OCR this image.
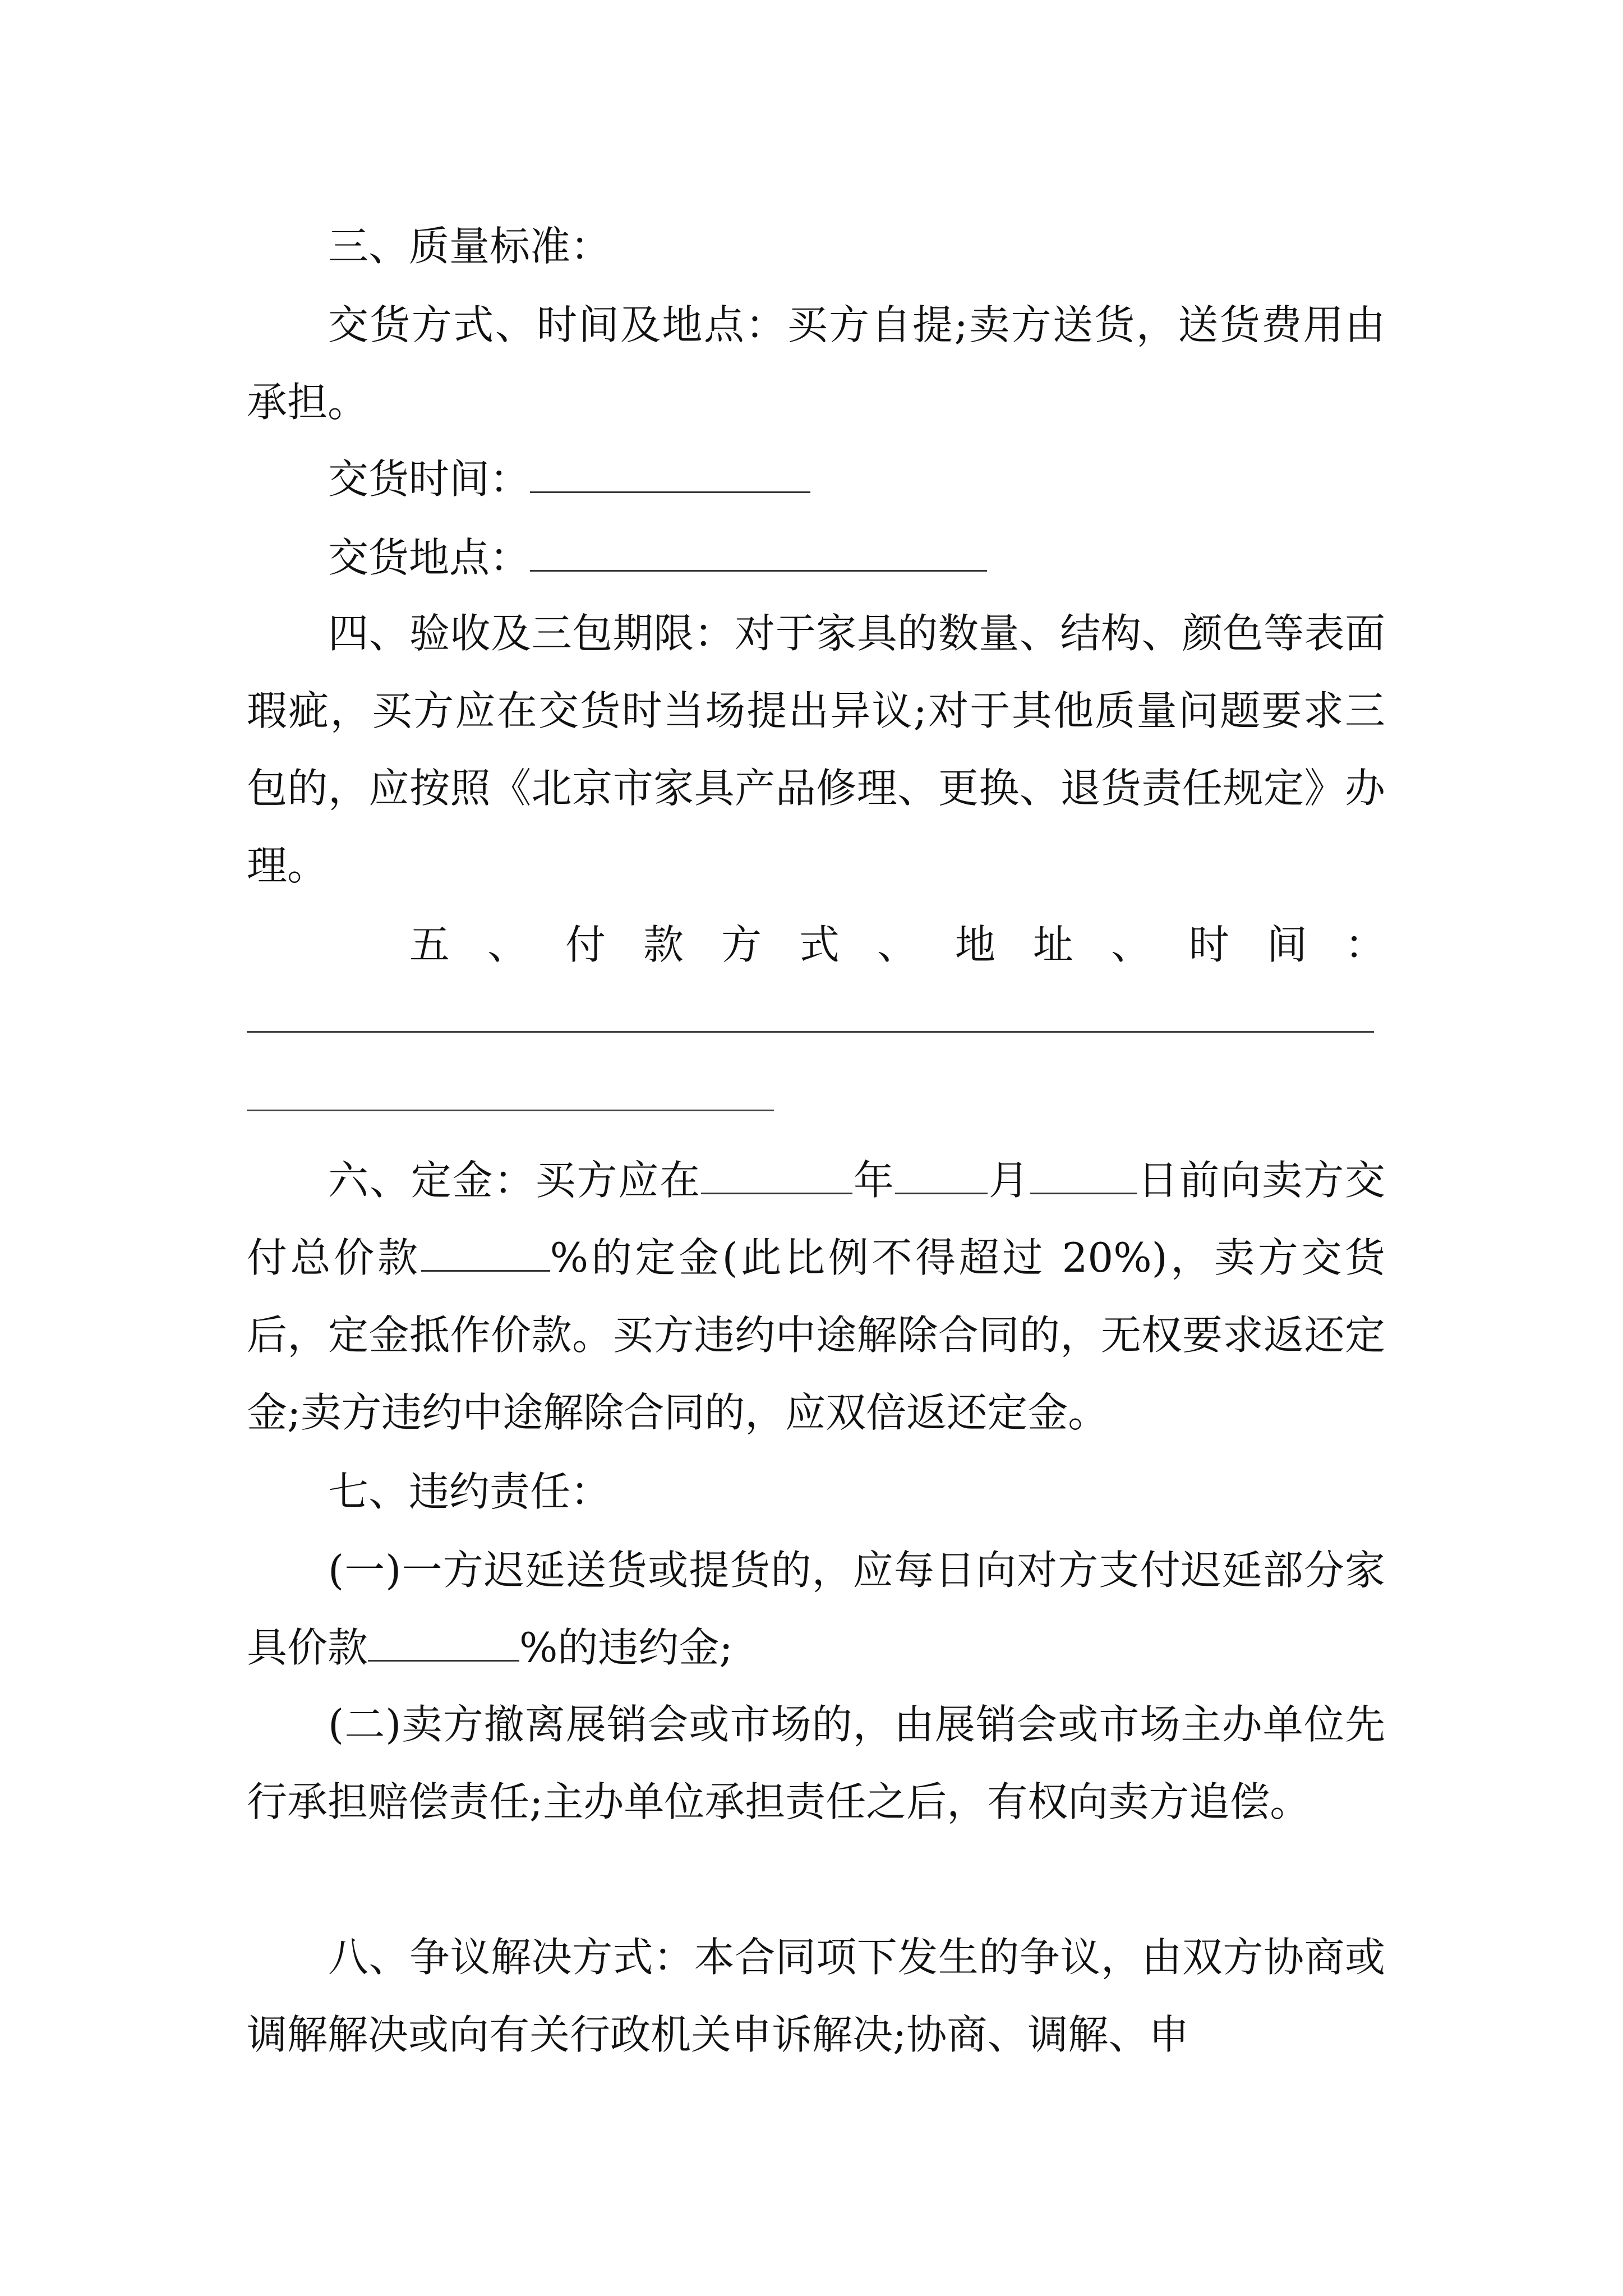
三、质量标准：
交货方式、时间及地点：买方自提;卖方送货，送货费用由承担。
交货时间：
交货地点：
四、验收及三包期限：对于家具的数量、结构、颜色等表面瑕疵，买方应在交货时当场提出异议;对于其他质量问题要求三包的，应按照《北京市家具产品修理、更换、退货责任规定》办理。
五 、 付 款 方 式 、 地 址 、 时 间 ：
六、定金：买方应在	年 月	日前向卖方交付总价款	%的定金(此比例不得超过 20%)，卖方交货后，定金抵作价款。买方违约中途解除合同的，无权要求返还定金;卖方违约中途解除合同的，应双倍返还定金。
七、违约责任：
(一)一方迟延送货或提货的，应每日向对方支付迟延部分家具价款	%的违约金;
(二)卖方撤离展销会或市场的，由展销会或市场主办单位先行承担赔偿责任;主办单位承担责任之后，有权向卖方追偿。
八、争议解决方式：本合同项下发生的争议，由双方协商或调解解决或向有关行政机关申诉解决;协商、调解、申
